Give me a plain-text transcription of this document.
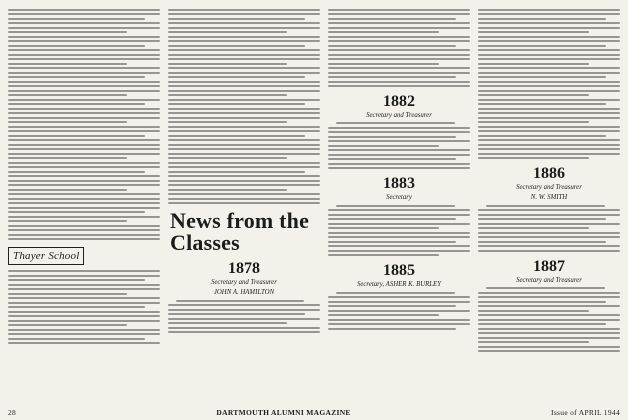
Thayer School
News from the Classes
1878
Secretary and Treasurer
JOHN A. HAMILTON
1882
Secretary and Treasurer
1883
Secretary
1885
Secretary, ASHER K. BURLEY
1886
Secretary and Treasurer
N. W. SMITH
1887
Secretary and Treasurer
28	DARTMOUTH ALUMNI MAGAZINE	Issue of APRIL 1944
